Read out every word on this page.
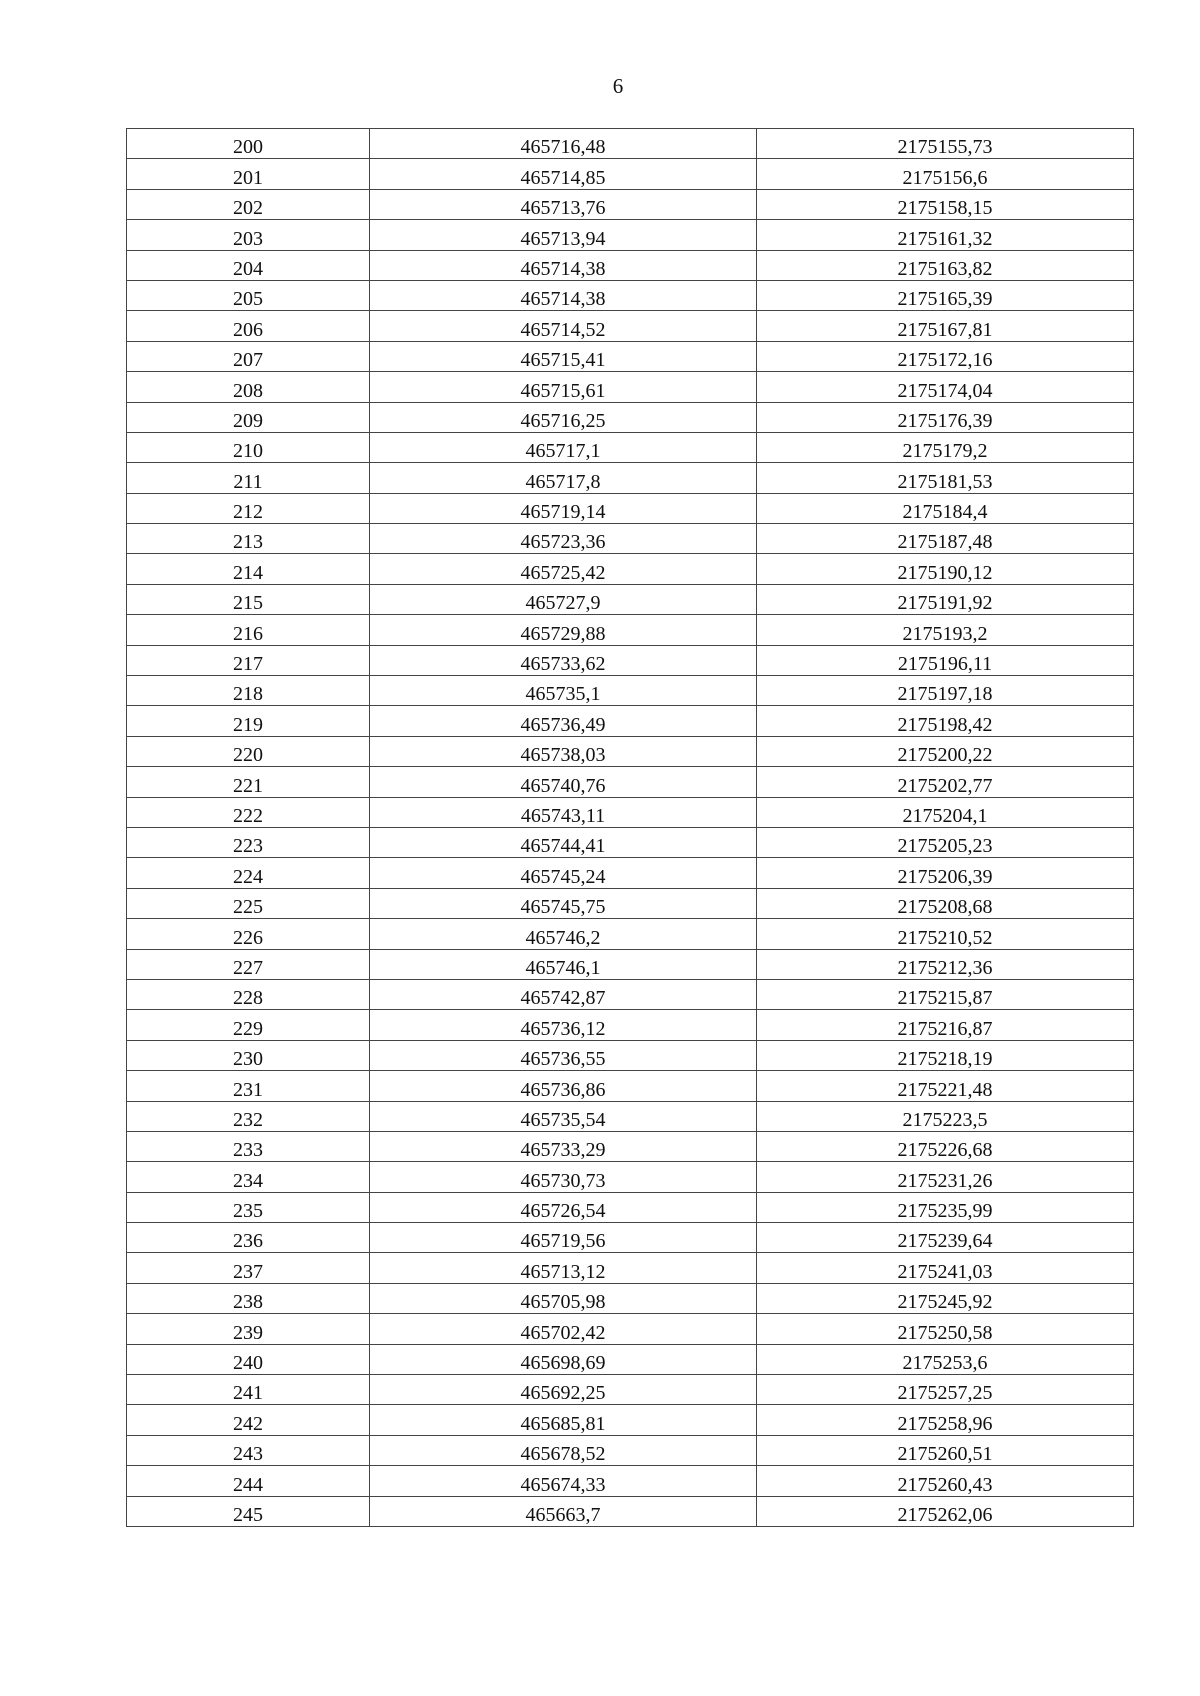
6
200	465716,48	2175155,73
201	465714,85	2175156,6
202	465713,76	2175158,15
203	465713,94	2175161,32
204	465714,38	2175163,82
205	465714,38	2175165,39
206	465714,52	2175167,81
207	465715,41	2175172,16
208	465715,61	2175174,04
209	465716,25	2175176,39
210	465717,1	2175179,2
211	465717,8	2175181,53
212	465719,14	2175184,4
213	465723,36	2175187,48
214	465725,42	2175190,12
215	465727,9	2175191,92
216	465729,88	2175193,2
217	465733,62	2175196,11
218	465735,1	2175197,18
219	465736,49	2175198,42
220	465738,03	2175200,22
221	465740,76	2175202,77
222	465743,11	2175204,1
223	465744,41	2175205,23
224	465745,24	2175206,39
225	465745,75	2175208,68
226	465746,2	2175210,52
227	465746,1	2175212,36
228	465742,87	2175215,87
229	465736,12	2175216,87
230	465736,55	2175218,19
231	465736,86	2175221,48
232	465735,54	2175223,5
233	465733,29	2175226,68
234	465730,73	2175231,26
235	465726,54	2175235,99
236	465719,56	2175239,64
237	465713,12	2175241,03
238	465705,98	2175245,92
239	465702,42	2175250,58
240	465698,69	2175253,6
241	465692,25	2175257,25
242	465685,81	2175258,96
243	465678,52	2175260,51
244	465674,33	2175260,43
245	465663,7	2175262,06
